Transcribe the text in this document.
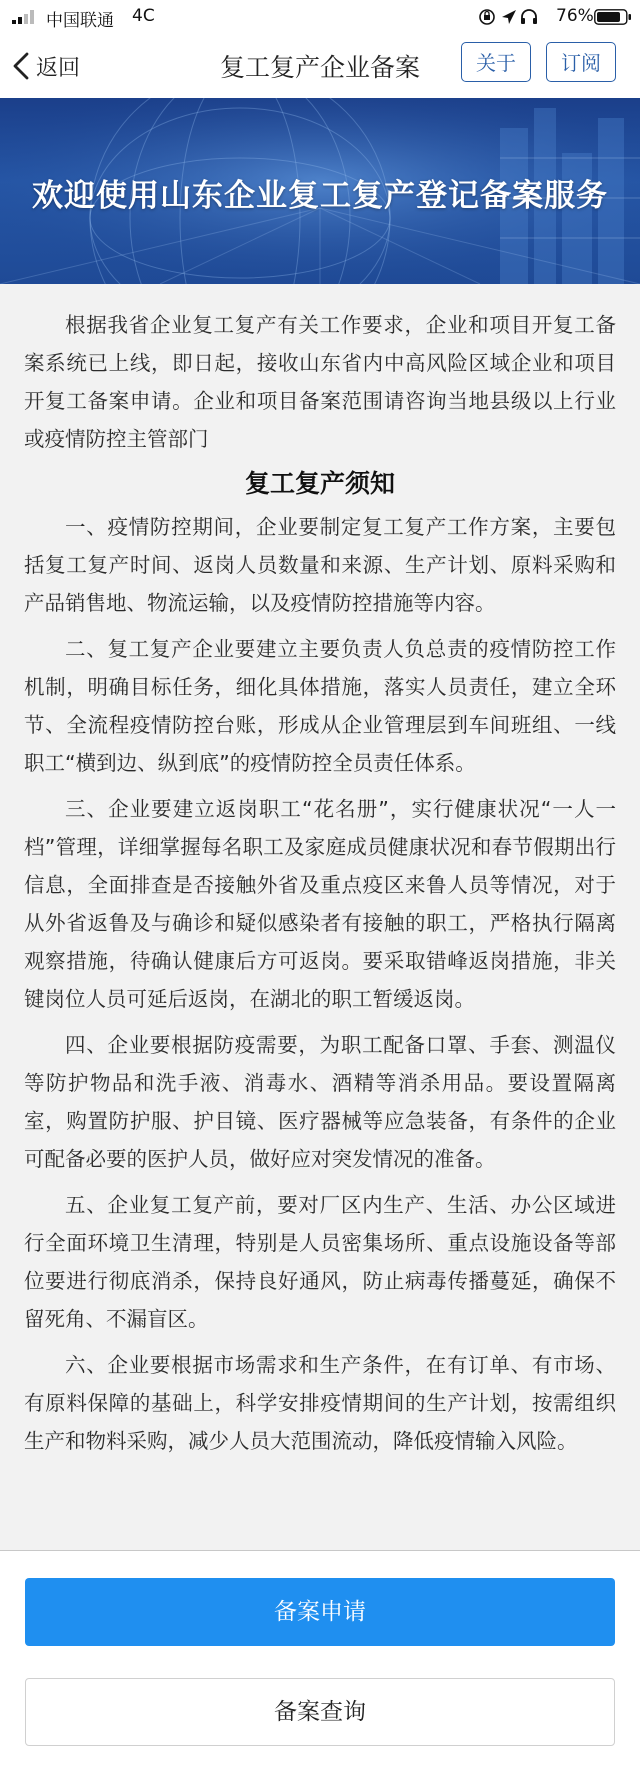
中国联通 4C	76%
返回	复工复产企业备案	关于	订阅
欢迎使用山东企业复工复产登记备案服务

根据我省企业复工复产有关工作要求，企业和项目开复工备案系统已上线，即日起，接收山东省内中高风险区域企业和项目开复工备案申请。企业和项目备案范围请咨询当地县级以上行业或疫情防控主管部门

复工复产须知

一、疫情防控期间，企业要制定复工复产工作方案，主要包括复工复产时间、返岗人员数量和来源、生产计划、原料采购和产品销售地、物流运输，以及疫情防控措施等内容。

二、复工复产企业要建立主要负责人负总责的疫情防控工作机制，明确目标任务，细化具体措施，落实人员责任，建立全环节、全流程疫情防控台账，形成从企业管理层到车间班组、一线职工“横到边、纵到底”的疫情防控全员责任体系。

三、企业要建立返岗职工“花名册”，实行健康状况“一人一档”管理，详细掌握每名职工及家庭成员健康状况和春节假期出行信息，全面排查是否接触外省及重点疫区来鲁人员等情况，对于从外省返鲁及与确诊和疑似感染者有接触的职工，严格执行隔离观察措施，待确认健康后方可返岗。要采取错峰返岗措施，非关键岗位人员可延后返岗，在湖北的职工暂缓返岗。

四、企业要根据防疫需要，为职工配备口罩、手套、测温仪等防护物品和洗手液、消毒水、酒精等消杀用品。要设置隔离室，购置防护服、护目镜、医疗器械等应急装备，有条件的企业可配备必要的医护人员，做好应对突发情况的准备。

五、企业复工复产前，要对厂区内生产、生活、办公区域进行全面环境卫生清理，特别是人员密集场所、重点设施设备等部位要进行彻底消杀，保持良好通风，防止病毒传播蔓延，确保不留死角、不漏盲区。

六、企业要根据市场需求和生产条件，在有订单、有市场、有原料保障的基础上，科学安排疫情期间的生产计划，按需组织生产和物料采购，减少人员大范围流动，降低疫情输入风险。

备案申请
备案查询
